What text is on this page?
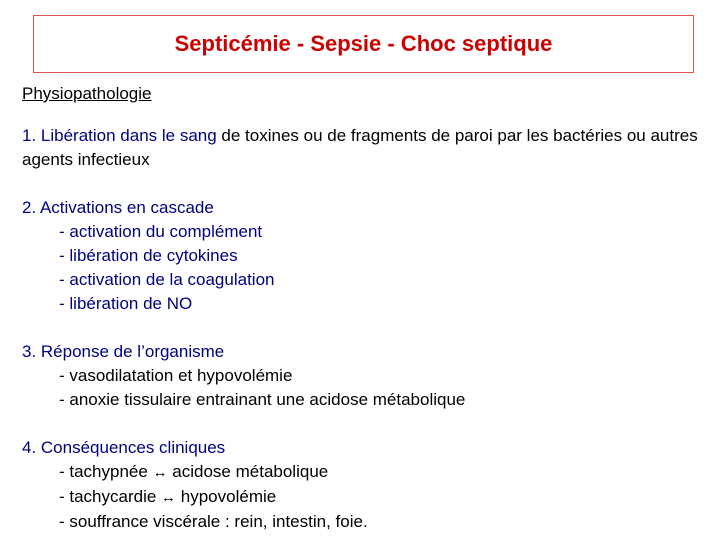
Septicémie - Sepsie - Choc septique
Physiopathologie
1. Libération dans le sang de toxines ou de fragments de paroi par les bactéries ou autres agents infectieux
2. Activations en cascade
- activation du complément
- libération de cytokines
- activation de la coagulation
- libération de NO
3. Réponse de l’organisme
- vasodilatation et hypovolémie
- anoxie tissulaire entrainant une acidose métabolique
4. Conséquences cliniques
- tachypnée ↔ acidose métabolique
- tachycardie ↔ hypovolémie
- souffrance viscérale : rein, intestin, foie.
